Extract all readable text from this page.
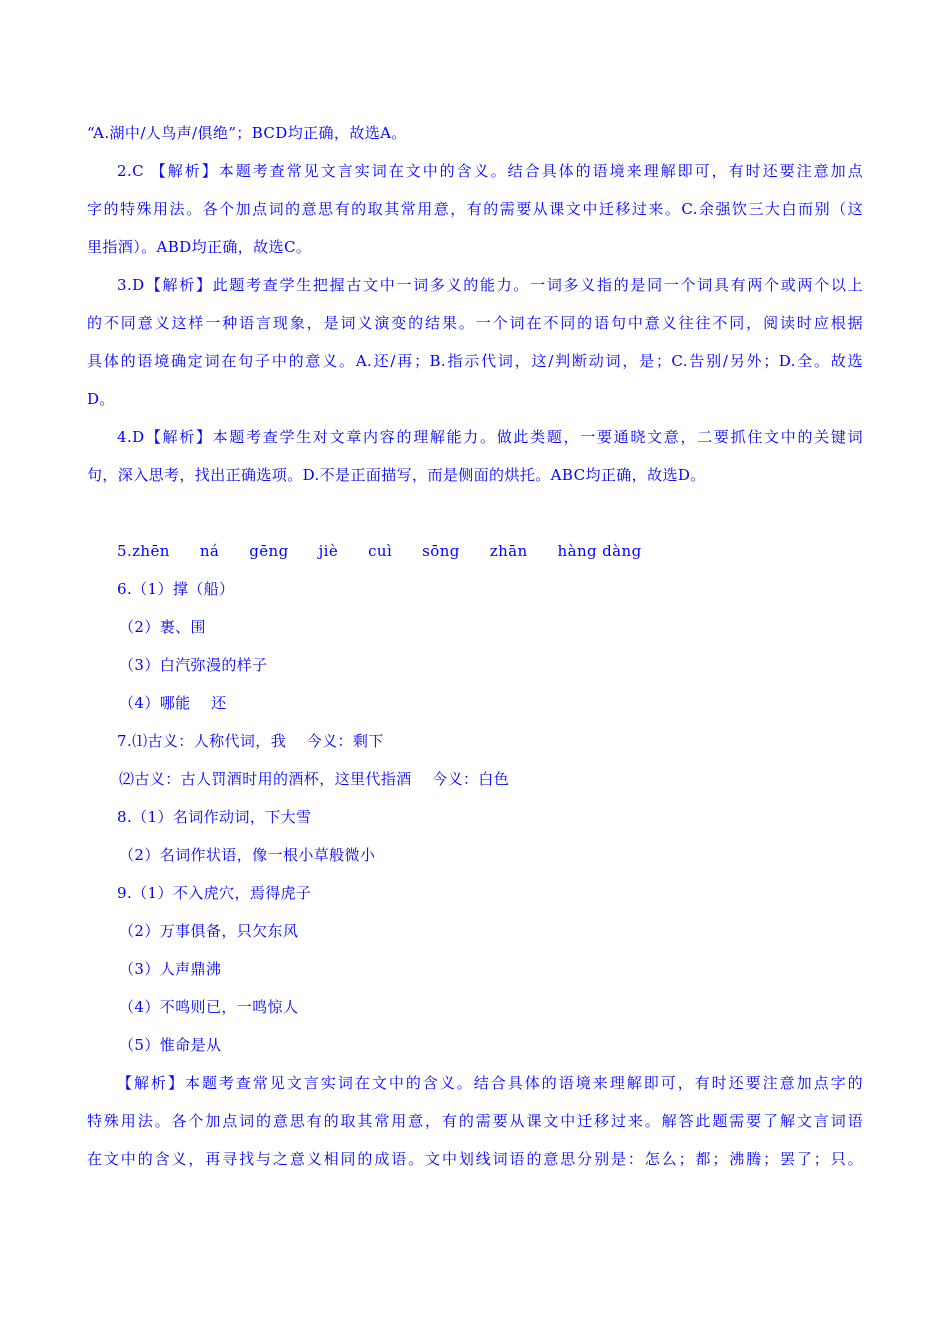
“A.湖中/人鸟声/俱绝”；BCD均正确，故选A。
2.C 【解析】本题考查常见文言实词在文中的含义。结合具体的语境来理解即可，有时还要注意加点
字的特殊用法。各个加点词的意思有的取其常用意，有的需要从课文中迁移过来。C.余强饮三大白而别（这
里指酒）。ABD均正确，故选C。
3.D【解析】此题考查学生把握古文中一词多义的能力。一词多义指的是同一个词具有两个或两个以上
的不同意义这样一种语言现象，是词义演变的结果。一个词在不同的语句中意义往往不同，阅读时应根据
具体的语境确定词在句子中的意义。A.还/再；B.指示代词，这/判断动词，是；C.告别/另外；D.全。故选
D。
4.D【解析】本题考查学生对文章内容的理解能力。做此类题，一要通晓文意，二要抓住文中的关键词
句，深入思考，找出正确选项。D.不是正面描写，而是侧面的烘托。ABC均正确，故选D。
5.zhēn ná gēng jiè cuì sōng zhān hàng dàng
6.（1）撑（船）
（2）裹、围
（3）白汽弥漫的样子
（4）哪能　 还
7.⑴古义：人称代词，我　 今义：剩下
⑵古义：古人罚酒时用的酒杯，这里代指酒　 今义：白色
8.（1）名词作动词，下大雪
（2）名词作状语，像一根小草般微小
9.（1）不入虎穴，焉得虎子
（2）万事俱备，只欠东风
（3）人声鼎沸
（4）不鸣则已，一鸣惊人
（5）惟命是从
【解析】本题考查常见文言实词在文中的含义。结合具体的语境来理解即可，有时还要注意加点字的
特殊用法。各个加点词的意思有的取其常用意，有的需要从课文中迁移过来。解答此题需要了解文言词语
在文中的含义，再寻找与之意义相同的成语。文中划线词语的意思分别是：怎么；都；沸腾；罢了；只。
